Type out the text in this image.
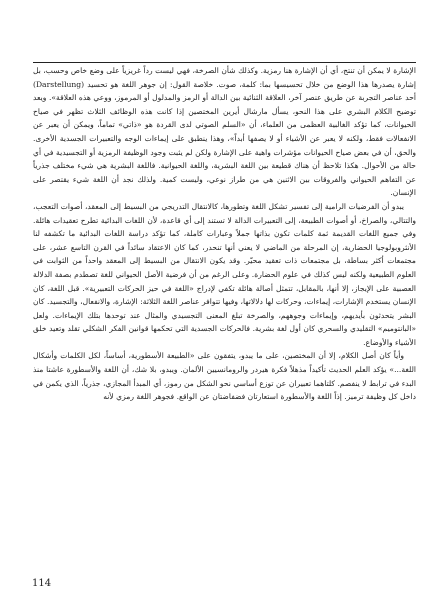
الإشارة لا يمكن أن تنتج، أي أن الإشارة هنا رمزية. وكذلك شأن الصرخة، فهي ليست رداً غريزياً على وضع خاص وحسب، بل إشارة يصدرها هذا الوضع من خلال تحسيسها بما: كلمة، صوت. خلاصة القول: إن جوهر اللغة هو تحسيد (Darstellung) أحد عناصر التجربة عن طريق عنصر آخر، العلاقة الثنائية بين الدالة أو الرمز والمدلول أو المرموز، ووعي هذه العلاقة». ويعد توضيح الكلام البشري على هذا النحو، يسأل مارشال أيرين المختصين إذا كانت هذه الوظائف الثلاث تظهر في صياح الحيوانات، كما تؤكد الغالبية العظمى من العلماء، أن «السلم الصوتي لدى القردة هو «ذاتي» تماماً، ويمكن أن يعبر عن الانفعالات فقط، ولكنه لا يعبر عن الأشياء أو لا يصفها أبداً»، وهذا ينطبق على إيماءات الوجه والتعبيرات الجسدية الأخرى. والحق، أن في بعض صياح الحيوانات مؤشرات واهية على الإشارة ولكن لم يثبت وجود الوظيفة الرمزية أو التجسيدية في أي حالة من الأحوال. هكذا تلاحظ أن هناك قطيعة بين اللغة البشرية، واللغة الحيوانية. فاللغة البشرية هي شيء مختلف جذرياً عن التفاهم الحيواني والفروقات بين الاثنين هي من طراز نوعي، وليست كمية. ولذلك نجد أن اللغة شيء يقتصر على الإنسان.

يبدو أن الفرضيات الرامية إلى تفسير تشكل اللغة وتطورها، كالانتقال التدريجي من البسيط إلى المعقد، أصوات التعجب، والتتالي، والصراخ، أو أصوات الطبيعة، إلى التعبيرات الدالة لا تستند إلى أي قاعدة، لأن اللغات البدائية تطرح تعقيدات هائلة. وفي جميع اللغات القديمة ثمة كلمات تكون بذاتها جملاً وعبارات كاملة، كما تؤكد دراسة اللغات البدائية ما تكشفه لنا الأنثروبولوجيا الحضارية، إن المرحلة من الماضي لا يعني أنها تنحدر، كما كان الاعتقاد سائداً في القرن التاسع عشر، على مجتمعات أكثر بساطة، بل مجتمعات ذات تعقيد محيّر. وقد يكون الانتقال من البسيط إلى المعقد واحداً من الثوابت في العلوم الطبيعية ولكنه ليس كذلك في علوم الحضارة. وعلى الرغم من أن فرضية الأصل الحيواني للغة تصطدم بصفة الدلالة العصبية على الإيجاز، إلا أنها، بالمقابل، تتمثل أصالة هائلة تكفي لإدراج «اللغة في حيز الحركات التعبيرية». قبل اللغة، كان الإنسان يستخدم الإشارات، إيماءات، وحركات لها دلالاتها، وفيها تتوافر عناصر اللغة الثلاثة: الإشارة، والانفعال، والتجسيد. كان البشر يتحدثون بأيديهم، وإيماءات وجوههم، والصرخة تبلغ المعنى التجسيدي والمثال عند توحدها بتلك الإيماءات. ولعل «البانتوميم» التقليدي والسحري كان أول لغة بشرية. فالحركات الجسدية التي تحكمها قوانين الفكر الشكلي تقلد وتعيد خلق الأشياء والأوضاع.

وأياً كان أصل الكلام، إلا أن المختصين، على ما يبدو، يتفقون على «الطبيعة الأسطورية، أساساً، لكل الكلمات وأشكال اللغة...» يؤكد العلم الحديث تأكيداً مذهلاً فكرة هيردر والرومانسيين الألمان. ويبدو، بلا شك، أن اللغة والأسطورة عاشتا منذ البدء في ترابط لا ينفصم. كلتاهما تعبيران عن توزع أساسي نحو الشكل من رموز، أي المبدأ المجازي، جذرياً، الذي يكمن في داخل كل وظيفة ترميز. إذاً اللغة والأسطورة استعارتان فضفاضتان عن الواقع. فجوهر اللغة رمزي لأنه

114
